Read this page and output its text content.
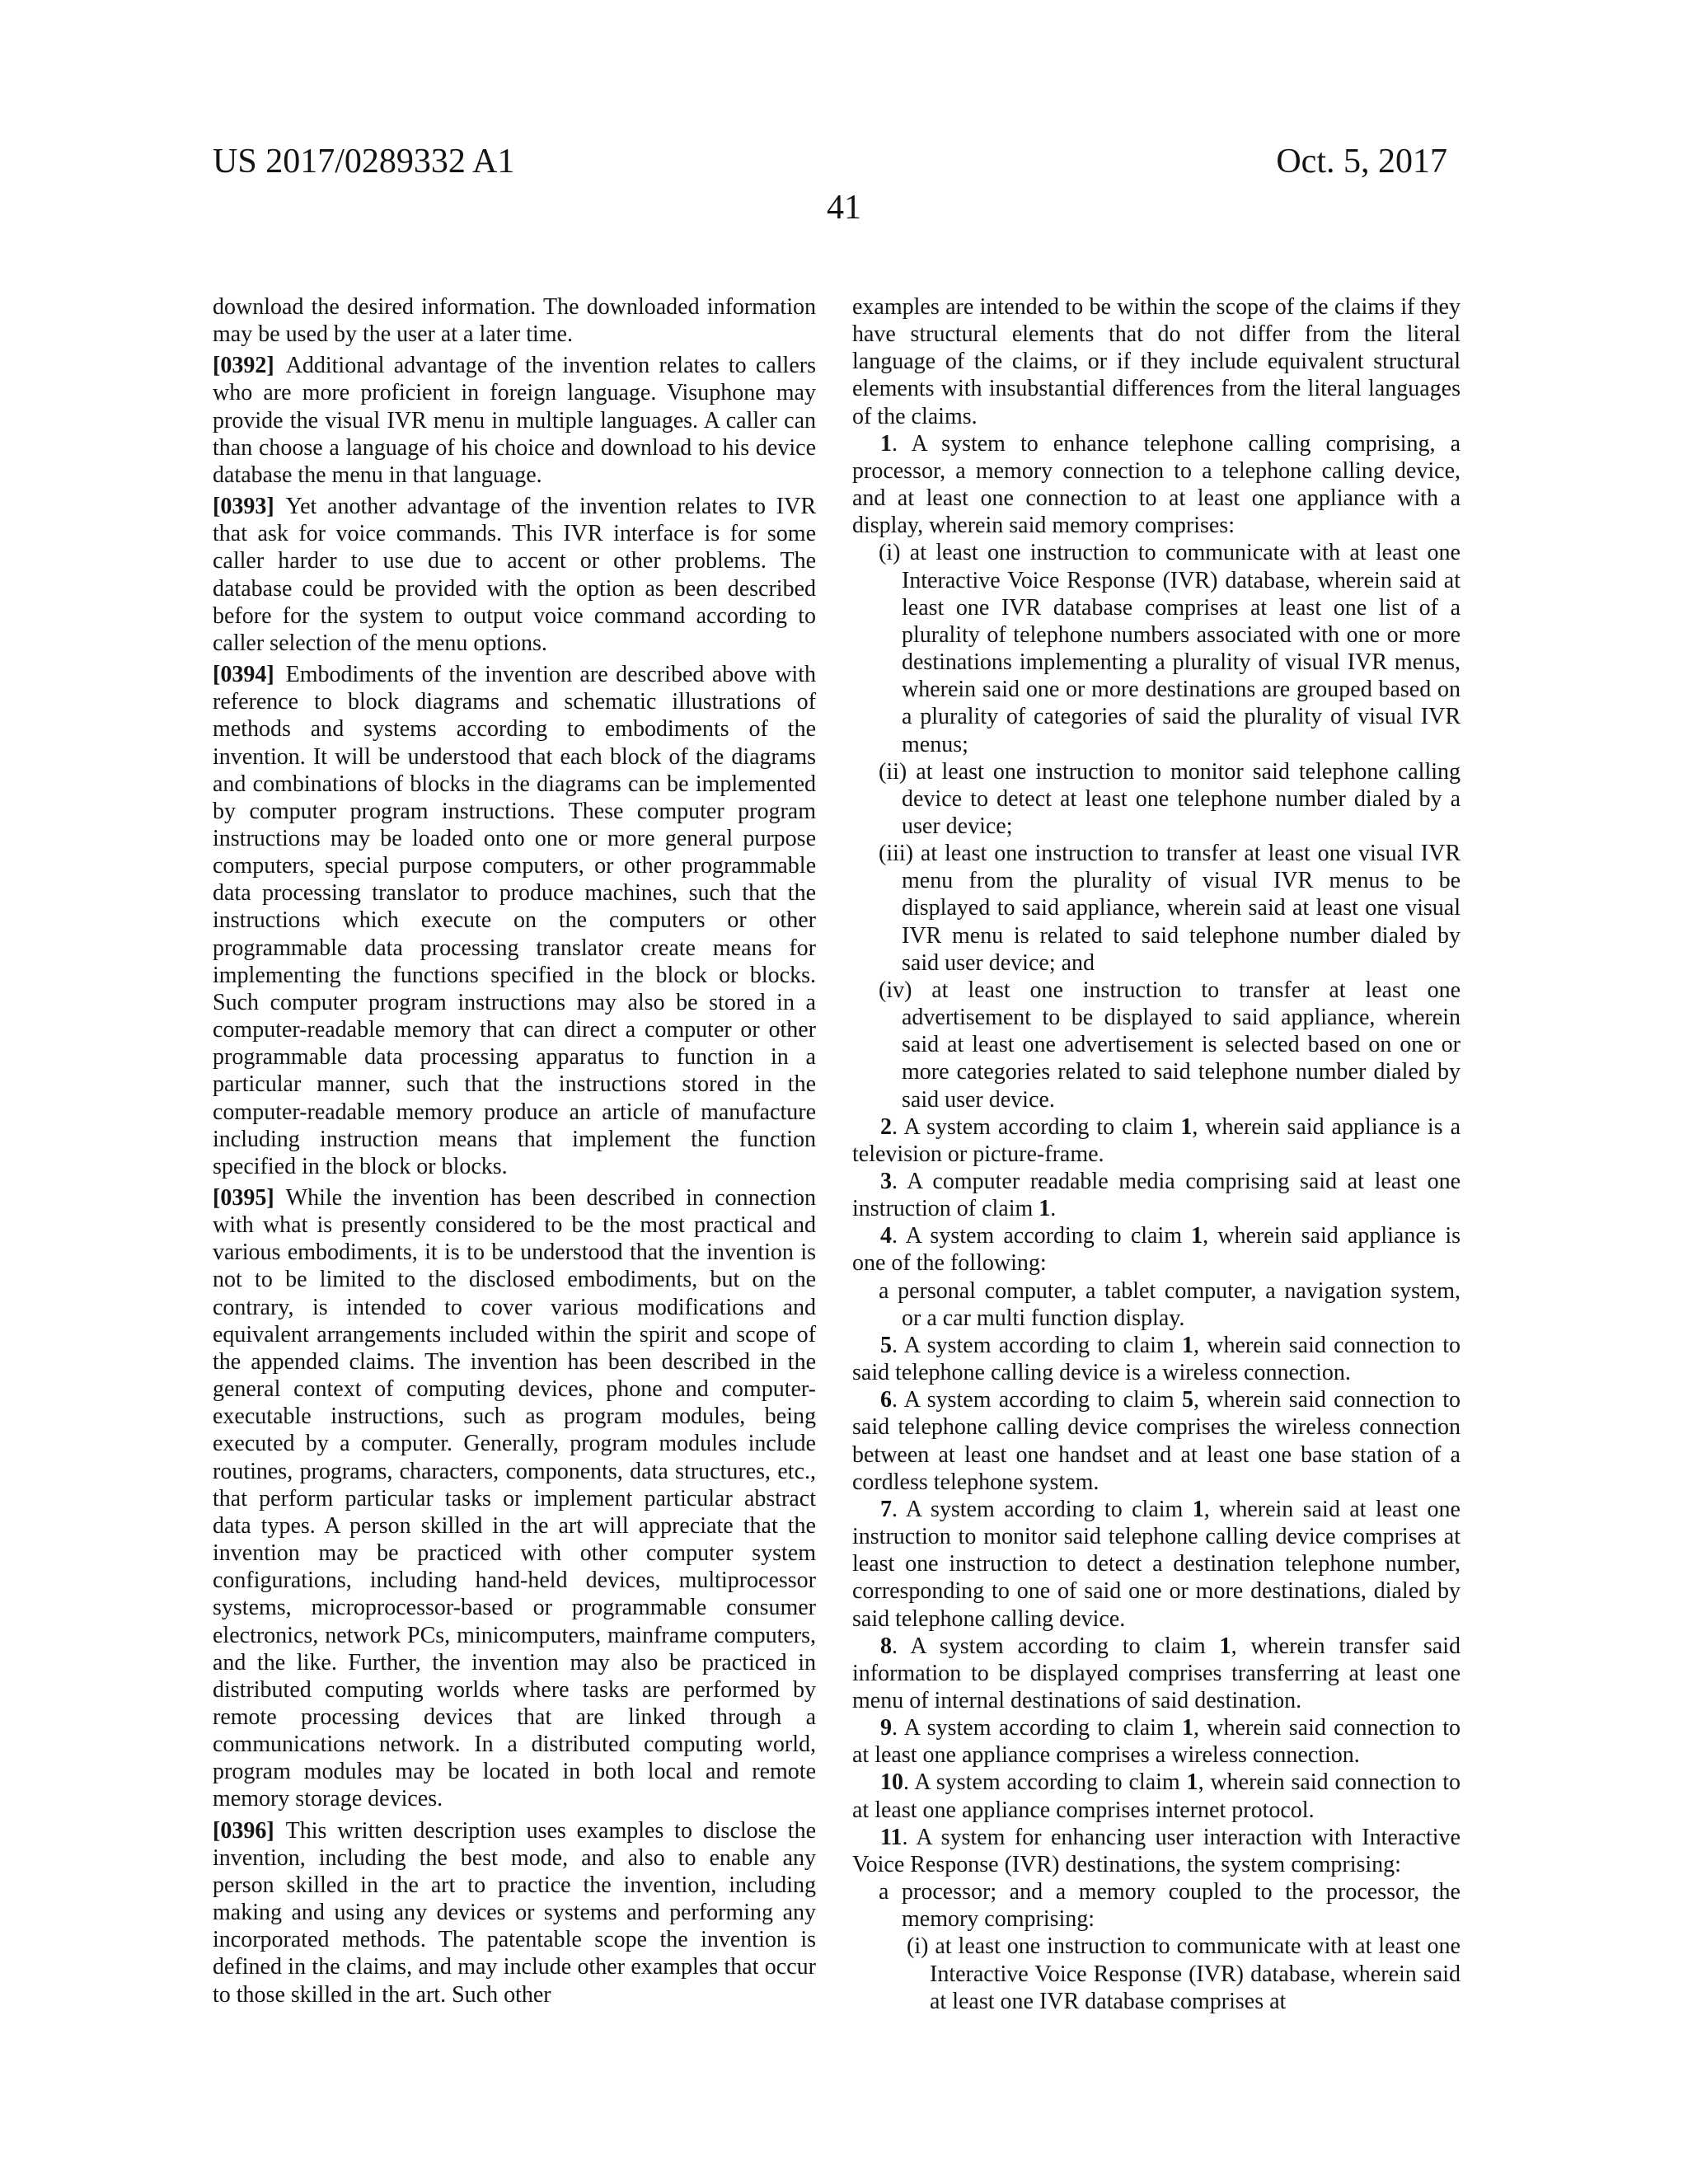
US 2017/0289332 A1	Oct. 5, 2017
41

download the desired information. The downloaded information may be used by the user at a later time.

[0392] Additional advantage of the invention relates to callers who are more proficient in foreign language. Visuphone may provide the visual IVR menu in multiple languages. A caller can than choose a language of his choice and download to his device database the menu in that language.

[0393] Yet another advantage of the invention relates to IVR that ask for voice commands. This IVR interface is for some caller harder to use due to accent or other problems. The database could be provided with the option as been described before for the system to output voice command according to caller selection of the menu options.

[0394] Embodiments of the invention are described above with reference to block diagrams and schematic illustrations of methods and systems according to embodiments of the invention. It will be understood that each block of the diagrams and combinations of blocks in the diagrams can be implemented by computer program instructions. These computer program instructions may be loaded onto one or more general purpose computers, special purpose computers, or other programmable data processing translator to produce machines, such that the instructions which execute on the computers or other programmable data processing translator create means for implementing the functions specified in the block or blocks. Such computer program instructions may also be stored in a computer-readable memory that can direct a computer or other programmable data processing apparatus to function in a particular manner, such that the instructions stored in the computer-readable memory produce an article of manufacture including instruction means that implement the function specified in the block or blocks.

[0395] While the invention has been described in connection with what is presently considered to be the most practical and various embodiments, it is to be understood that the invention is not to be limited to the disclosed embodiments, but on the contrary, is intended to cover various modifications and equivalent arrangements included within the spirit and scope of the appended claims. The invention has been described in the general context of computing devices, phone and computer-executable instructions, such as program modules, being executed by a computer. Generally, program modules include routines, programs, characters, components, data structures, etc., that perform particular tasks or implement particular abstract data types. A person skilled in the art will appreciate that the invention may be practiced with other computer system configurations, including hand-held devices, multiprocessor systems, microprocessor-based or programmable consumer electronics, network PCs, minicomputers, mainframe computers, and the like. Further, the invention may also be practiced in distributed computing worlds where tasks are performed by remote processing devices that are linked through a communications network. In a distributed computing world, program modules may be located in both local and remote memory storage devices.

[0396] This written description uses examples to disclose the invention, including the best mode, and also to enable any person skilled in the art to practice the invention, including making and using any devices or systems and performing any incorporated methods. The patentable scope the invention is defined in the claims, and may include other examples that occur to those skilled in the art. Such other

examples are intended to be within the scope of the claims if they have structural elements that do not differ from the literal language of the claims, or if they include equivalent structural elements with insubstantial differences from the literal languages of the claims.

1. A system to enhance telephone calling comprising, a processor, a memory connection to a telephone calling device, and at least one connection to at least one appliance with a display, wherein said memory comprises:

(i) at least one instruction to communicate with at least one Interactive Voice Response (IVR) database, wherein said at least one IVR database comprises at least one list of a plurality of telephone numbers associated with one or more destinations implementing a plurality of visual IVR menus, wherein said one or more destinations are grouped based on a plurality of categories of said the plurality of visual IVR menus;

(ii) at least one instruction to monitor said telephone calling device to detect at least one telephone number dialed by a user device;

(iii) at least one instruction to transfer at least one visual IVR menu from the plurality of visual IVR menus to be displayed to said appliance, wherein said at least one visual IVR menu is related to said telephone number dialed by said user device; and

(iv) at least one instruction to transfer at least one advertisement to be displayed to said appliance, wherein said at least one advertisement is selected based on one or more categories related to said telephone number dialed by said user device.

2. A system according to claim 1, wherein said appliance is a television or picture-frame.

3. A computer readable media comprising said at least one instruction of claim 1.

4. A system according to claim 1, wherein said appliance is one of the following:

a personal computer, a tablet computer, a navigation system, or a car multi function display.

5. A system according to claim 1, wherein said connection to said telephone calling device is a wireless connection.

6. A system according to claim 5, wherein said connection to said telephone calling device comprises the wireless connection between at least one handset and at least one base station of a cordless telephone system.

7. A system according to claim 1, wherein said at least one instruction to monitor said telephone calling device comprises at least one instruction to detect a destination telephone number, corresponding to one of said one or more destinations, dialed by said telephone calling device.

8. A system according to claim 1, wherein transfer said information to be displayed comprises transferring at least one menu of internal destinations of said destination.

9. A system according to claim 1, wherein said connection to at least one appliance comprises a wireless connection.

10. A system according to claim 1, wherein said connection to at least one appliance comprises internet protocol.

11. A system for enhancing user interaction with Interactive Voice Response (IVR) destinations, the system comprising:

a processor; and a memory coupled to the processor, the memory comprising:

(i) at least one instruction to communicate with at least one Interactive Voice Response (IVR) database, wherein said at least one IVR database comprises at
